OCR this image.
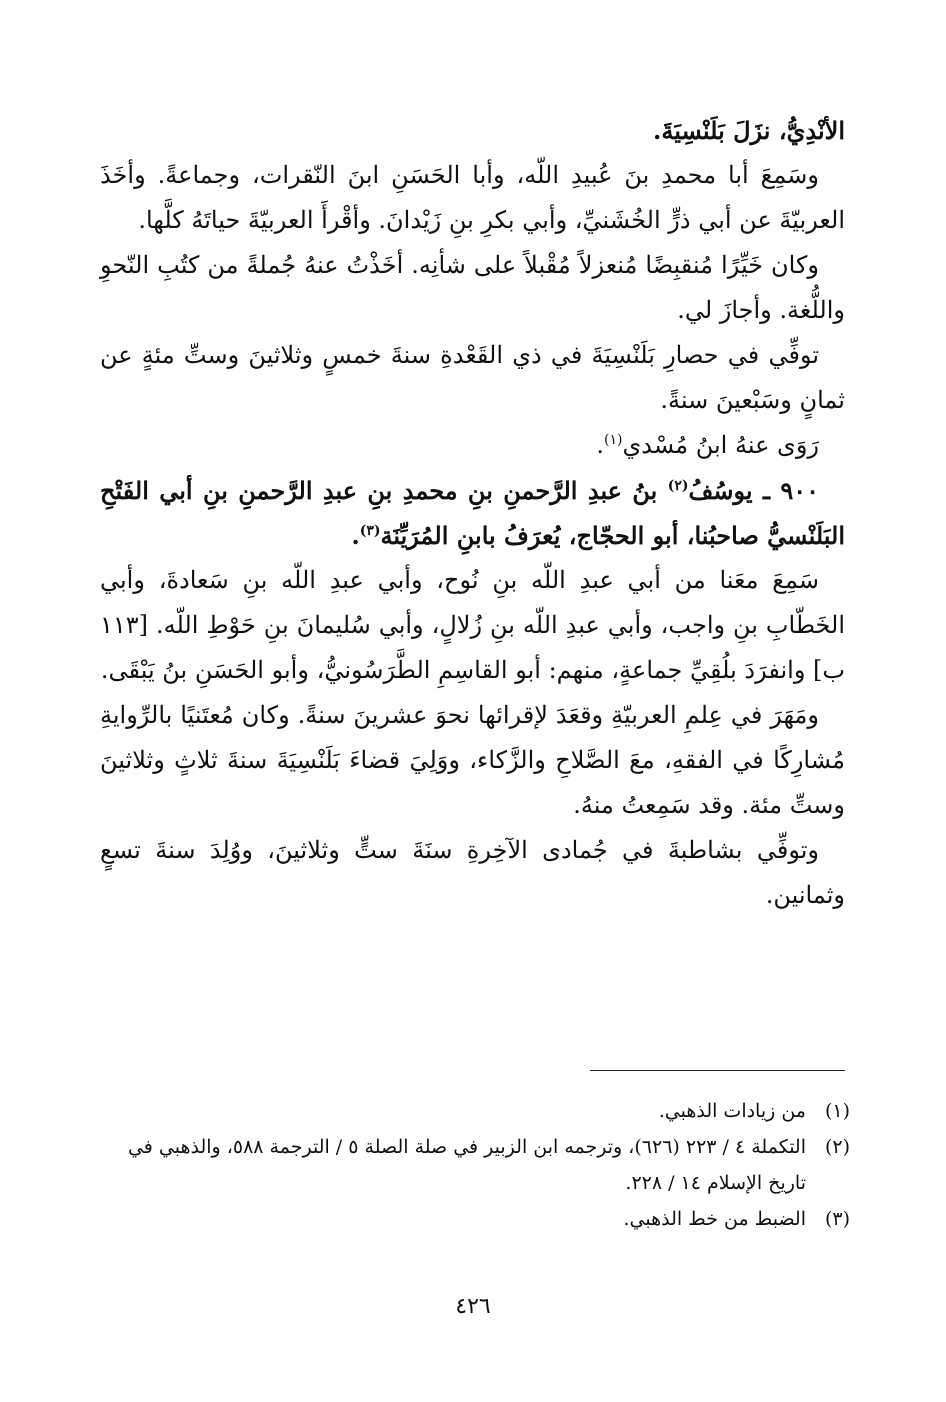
الأنْدِيُّ، نزَلَ بَلَنْسِيَةَ.

وسَمِعَ أبا محمدِ بنَ عُبيدِ اللّه، وأبا الحَسَنِ ابنَ النّقرات، وجماعةً. وأخَذَ العربيّةَ عن أبي ذرٍّ الخُشَنيِّ، وأبي بكرِ بنِ زَيْدانَ. وأقْرأَ العربيّةَ حياتَهُ كلَّها.

وكان خَيِّرًا مُنقبِضًا مُنعزلاً مُقْبلاً على شأنِه. أخَذْتُ عنهُ جُملةً من كتُبِ النّحوِ واللُّغة. وأجازَ لي.

توفِّي في حصارِ بَلَنْسِيَةَ في ذي القَعْدةِ سنةَ خمسٍ وثلاثينَ وستِّ مئةٍ عن ثمانٍ وسَبْعينَ سنةً.

رَوَى عنهُ ابنُ مُسْدي$^{(١)}$.

٩٠٠ ـ يوسُفُ$^{(٢)}$ بنُ عبدِ الرَّحمنِ بنِ محمدِ بنِ عبدِ الرَّحمنِ بنِ أبي الفَتْحِ البَلَنْسيُّ صاحبُنا، أبو الحجّاج، يُعرَفُ بابنِ المُرَيِّنَة$^{(٣)}$.

سَمِعَ معَنا من أبي عبدِ اللّه بنِ نُوح، وأبي عبدِ اللّه بنِ سَعادةَ، وأبي الخَطّابِ بنِ واجب، وأبي عبدِ اللّه بنِ زُلالٍ، وأبي سُليمانَ بنِ حَوْطِ اللّه. [١١٣ ب] وانفرَدَ بلُقِيِّ جماعةٍ، منهم: أبو القاسِمِ الطَّرَسُونيُّ، وأبو الحَسَنِ بنُ يَبْقَى.

ومَهَرَ في عِلمِ العربيّةِ وقعَدَ لإقرائها نحوَ عشرينَ سنةً. وكان مُعتَنيًا بالرِّوايةِ مُشارِكًا في الفقهِ، معَ الصَّلاحِ والزَّكاء، ووَلِيَ قضاءَ بَلَنْسِيَةَ سنةَ ثلاثٍ وثلاثينَ وستِّ مئة. وقد سَمِعتُ منهُ.

وتوفِّي بشاطبةَ في جُمادى الآخِرةِ سنَةَ ستٍّ وثلاثينَ، ووُلِدَ سنةَ تسعٍ وثمانين.

(١)
من زيادات الذهبي.
(٢)
التكملة ٤ / ٢٢٣ (٦٢٦)، وترجمه ابن الزبير في صلة الصلة ٥ / الترجمة ٥٨٨، والذهبي في تاريخ الإسلام ١٤ / ٢٢٨.
(٣)
الضبط من خط الذهبي.
٤٢٦
